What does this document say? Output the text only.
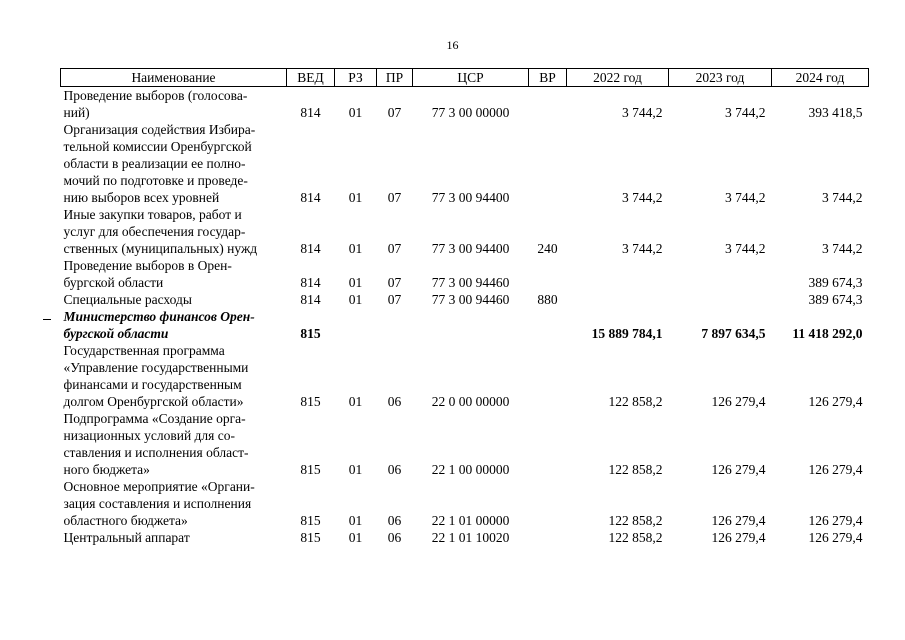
16
Наименование	ВЕД	РЗ	ПР	ЦСР	ВР	2022 год	2023 год	2024 год
Проведение выборов (голосова-
ний)	814	01	07	77 3 00 00000		3 744,2	3 744,2	393 418,5
Организация содействия Избира-
тельной комиссии Оренбургской
области в реализации ее полно-
мочий по подготовке и проведе-
нию выборов всех уровней	814	01	07	77 3 00 94400		3 744,2	3 744,2	3 744,2
Иные закупки товаров, работ и
услуг для обеспечения государ-
ственных (муниципальных) нужд	814	01	07	77 3 00 94400	240	3 744,2	3 744,2	3 744,2
Проведение выборов в Орен-
бургской области	814	01	07	77 3 00 94460				389 674,3
Специальные расходы	814	01	07	77 3 00 94460	880			389 674,3
Министерство финансов Орен-
бургской области	815					15 889 784,1	7 897 634,5	11 418 292,0
Государственная программа
«Управление государственными
финансами и государственным
долгом Оренбургской области»	815	01	06	22 0 00 00000		122 858,2	126 279,4	126 279,4
Подпрограмма «Создание орга-
низационных условий для со-
ставления и исполнения област-
ного бюджета»	815	01	06	22 1 00 00000		122 858,2	126 279,4	126 279,4
Основное мероприятие «Органи-
зация составления и исполнения
областного бюджета»	815	01	06	22 1 01 00000		122 858,2	126 279,4	126 279,4
Центральный аппарат	815	01	06	22 1 01 10020		122 858,2	126 279,4	126 279,4
